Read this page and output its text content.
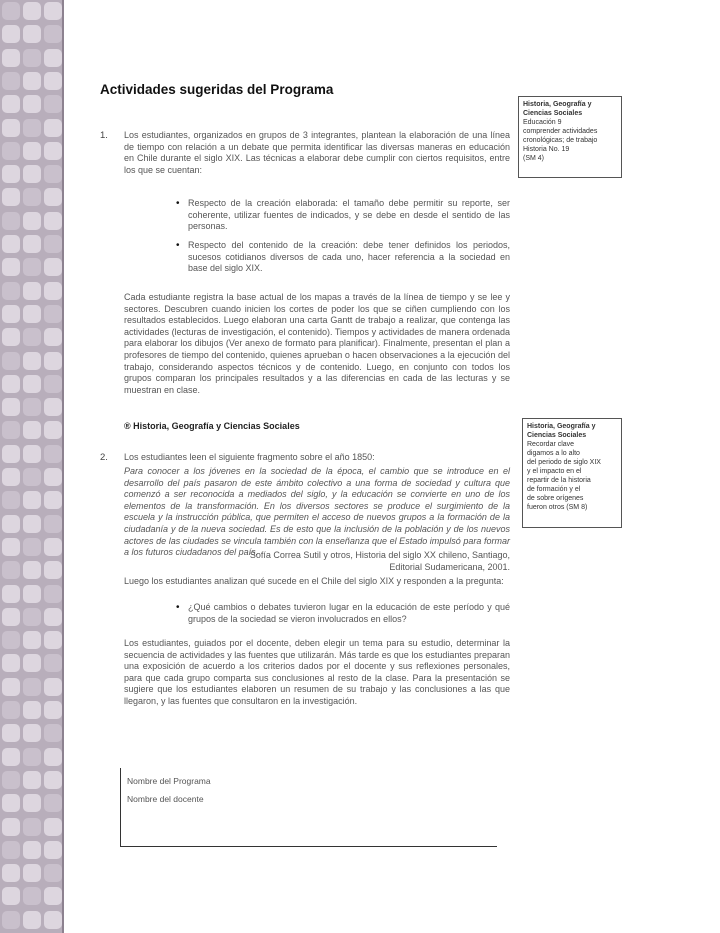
Actividades sugeridas del Programa
Historia, Geografía y Ciencias Sociales
Educación 9
comprender actividades
cronológicas; de trabajo
Historia No. 19
(SM 4)
Historia, Geografía y Ciencias Sociales
Recordar clave
digamos a lo alto
del periodo de siglo XIX
y el impacto en el
repartir de la historia
de formación y el
de sobre orígenes
fueron otros (SM 8)
1. Los estudiantes, organizados en grupos de 3 integrantes, plantean la elaboración de una línea de tiempo con relación a un debate que permita identificar las diversas maneras en educación en Chile durante el siglo XIX. Las técnicas a elaborar debe cumplir con ciertos requisitos, entre los que se cuentan:
• Respecto de la creación elaborada: el tamaño debe permitir su reporte, ser coherente, utilizar fuentes de indicados, y se debe en desde el sentido de las personas.
• Respecto del contenido de la creación: debe tener definidos los periodos, sucesos cotidianos diversos de cada uno, hacer referencia a la sociedad en base del siglo XIX.
Cada estudiante registra la base actual de los mapas a través de la línea de tiempo y se lee y sectores. Descubren cuando inicien los cortes de poder los que se ciñen cumpliendo con los resultados establecidos. Luego elaboran una carta Gantt de trabajo a realizar, que contenga las actividades (lecturas de investigación, el contenido). Tiempos y actividades de manera ordenada para elaborar los dibujos (Ver anexo de formato para planificar). Finalmente, presentan el plan a profesores de tiempo del contenido, quienes aprueban o hacen observaciones a la ejecución del trabajo, considerando aspectos técnicos y de contenido. Luego, en conjunto con todos los grupos comparan los principales resultados y a las diferencias en cada de las lecturas y se muestran en clase.
® Historia, Geografía y Ciencias Sociales
2. Los estudiantes leen el siguiente fragmento sobre el año 1850:
Para conocer a los jóvenes en la sociedad de la época, el cambio que se introduce en el desarrollo del país pasaron de este ámbito colectivo a una forma de sociedad y cultura que comenzó a ser reconocida a mediados del siglo, y la educación se convierte en uno de los elementos de la transformación. En los diversos sectores se produce el surgimiento de la escuela y la instrucción pública, que permiten el acceso de nuevos grupos a la formación de la ciudadanía y de la nueva sociedad. Es de esto que la inclusión de la población y de los nuevos actores de las ciudades se vincula también con la enseñanza que el Estado impulsó para formar a los futuros ciudadanos del país.
Sofía Correa Sutil y otros, Historia del siglo XX chileno, Santiago, Editorial Sudamericana, 2001.
Luego los estudiantes analizan qué sucede en el Chile del siglo XIX y responden a la pregunta:
• ¿Qué cambios o debates tuvieron lugar en la educación de este período y qué grupos de la sociedad se vieron involucrados en ellos?
Los estudiantes, guiados por el docente, deben elegir un tema para su estudio, determinar la secuencia de actividades y las fuentes que utilizarán. Más tarde es que los estudiantes preparan una exposición de acuerdo a los criterios dados por el docente y sus reflexiones personales, para que cada grupo comparta sus conclusiones al resto de la clase. Para la presentación se sugiere que los estudiantes elaboren un resumen de su trabajo y las conclusiones a las que llegaron, y las fuentes que consultaron en la investigación.
Nombre del Programa
Nombre del docente
